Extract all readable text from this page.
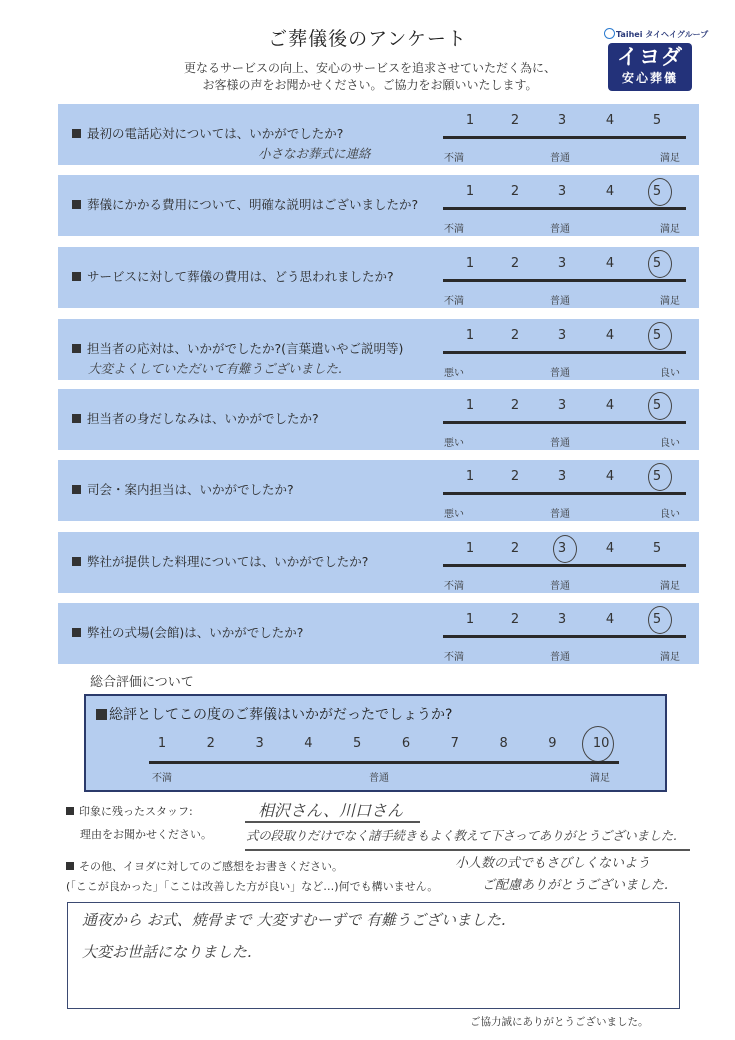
ご葬儀後のアンケート
更なるサービスの向上、安心のサービスを追求させていただく為に、
お客様の声をお聞かせください。ご協力をお願いいたします。
Taihei タイヘイグループ
イヨダ
安心葬儀
最初の電話応対については、いかがでしたか?
1	2	3	4	5
不満	普通	満足
小さなお葬式に連絡
葬儀にかかる費用について、明確な説明はございましたか?
1	2	3	4	5
不満	普通	満足
サービスに対して葬儀の費用は、どう思われましたか?
1	2	3	4	5
不満	普通	満足
担当者の応対は、いかがでしたか?(言葉遣いやご説明等)
1	2	3	4	5
悪い	普通	良い
大変よくしていただいて有難うございました.
担当者の身だしなみは、いかがでしたか?
1	2	3	4	5
悪い	普通	良い
司会・案内担当は、いかがでしたか?
1	2	3	4	5
悪い	普通	良い
弊社が提供した料理については、いかがでしたか?
1	2	3	4	5
不満	普通	満足
弊社の式場(会館)は、いかがでしたか?
1	2	3	4	5
不満	普通	満足
総合評価について
総評としてこの度のご葬儀はいかがだったでしょうか?
1	2	3	4	5	6	7	8	9	10
不満	普通	満足
印象に残ったスタッフ:	相沢さん、川口さん
理由をお聞かせください。	式の段取りだけでなく諸手続きもよく教えて下さってありがとうございました.
その他、イヨダに対してのご感想をお書きください。
(「ここが良かった」「ここは改善した方が良い」など…)何でも構いません。
小人数の式でもさびしくないよう
ご配慮ありがとうございました.
通夜から お式、焼骨まで 大変すむーずで 有難うございました.
大変お世話になりました.
ご協力誠にありがとうございました。
